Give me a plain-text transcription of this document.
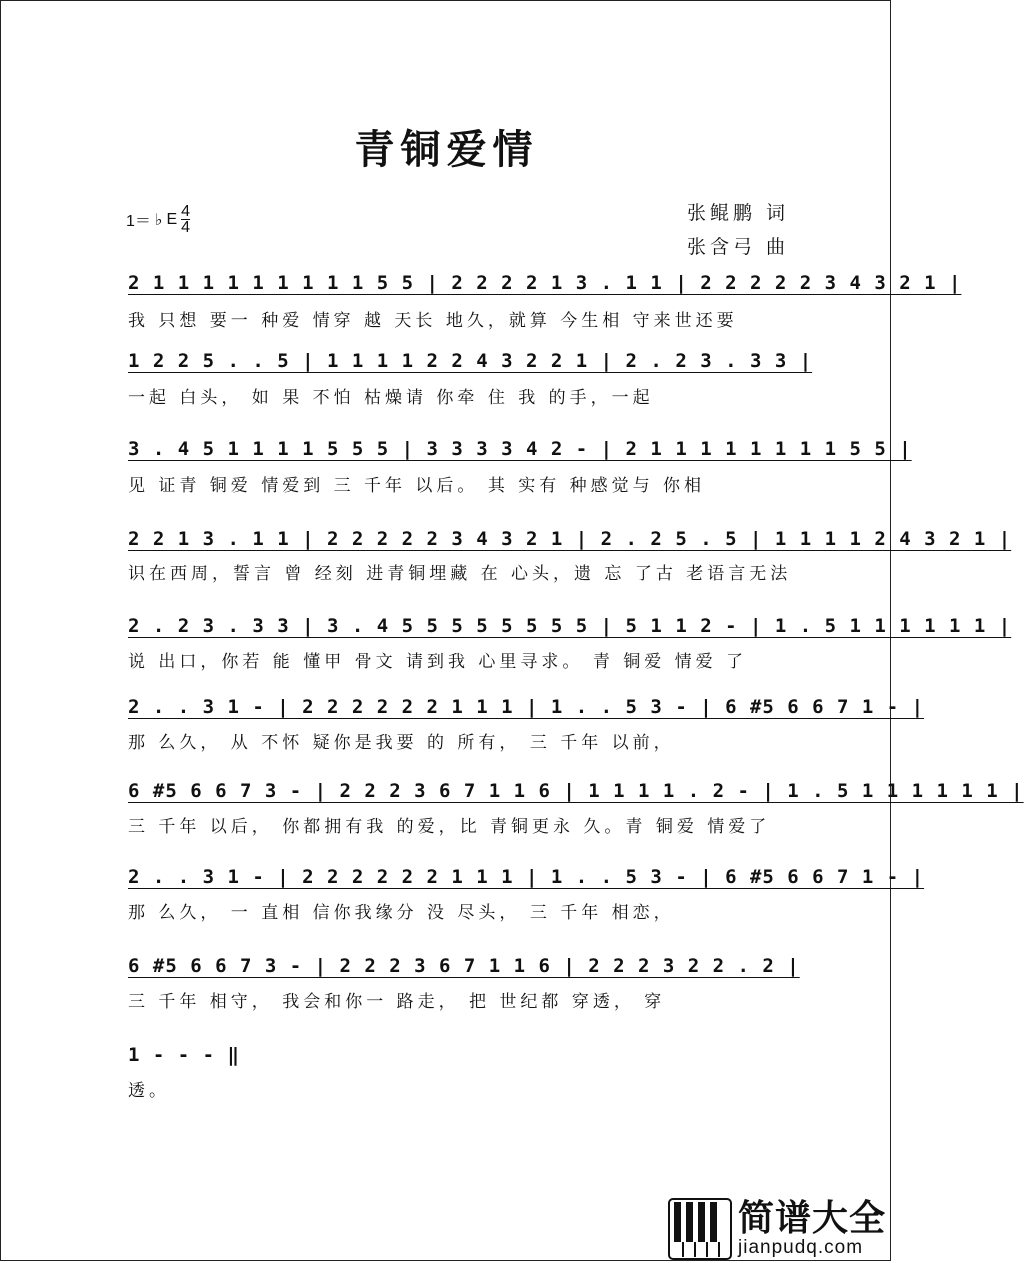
青铜爱情
1＝ ♭ E $\frac{4}{4}$	张鲲鹏 词
张含弓 曲
2 1 1 1 1 1 1 1 1 1 5 5 | 2 2 2 2 1 3 . 1 1 | 2 2 2 2 2 3 4 3 2 1 |
我 只想 要一 种爱 情穿 越 天长 地久，就算 今生相 守来世还要
1 2 2 5 . . 5 | 1 1 1 1 2 2 4 3 2 2 1 | 2 . 2 3 . 3 3 |
一起 白头， 如 果 不怕 枯燥请 你牵 住 我 的手，一起
3 . 4 5 1 1 1 1 5 5 5 | 3 3 3 3 4 2 - | 2 1 1 1 1 1 1 1 1 5 5 |
见 证青 铜爱 情爱到 三 千年 以后。 其 实有 种感觉与 你相
2 2 1 3 . 1 1 | 2 2 2 2 2 3 4 3 2 1 | 2 . 2 5 . 5 | 1 1 1 1 2 4 3 2 1 |
识在西周，誓言 曾 经刻 进青铜埋藏 在 心头，遗 忘 了古 老语言无法
2 . 2 3 . 3 3 | 3 . 4 5 5 5 5 5 5 5 5 | 5 1 1 2 - | 1 . 5 1 1 1 1 1 1 |
说 出口，你若 能 懂甲 骨文 请到我 心里寻求。 青 铜爱 情爱 了
2 . . 3 1 - | 2 2 2 2 2 2 1 1 1 | 1 . . 5 3 - | 6 #5 6 6 7 1 - |
那 么久， 从 不怀 疑你是我要 的 所有， 三 千年 以前，
6 #5 6 6 7 3 - | 2 2 2 3 6 7 1 1 6 | 1 1 1 1 . 2 - | 1 . 5 1 1 1 1 1 1 |
三 千年 以后， 你都拥有我 的爱，比 青铜更永 久。青 铜爱 情爱了
2 . . 3 1 - | 2 2 2 2 2 2 1 1 1 | 1 . . 5 3 - | 6 #5 6 6 7 1 - |
那 么久， 一 直相 信你我缘分 没 尽头， 三 千年 相恋，
6 #5 6 6 7 3 - | 2 2 2 3 6 7 1 1 6 | 2 2 2 3 2 2 . 2 |
三 千年 相守， 我会和你一 路走， 把 世纪都 穿透， 穿
1 - - - ‖
透。
简谱大全
jianpudq.com
